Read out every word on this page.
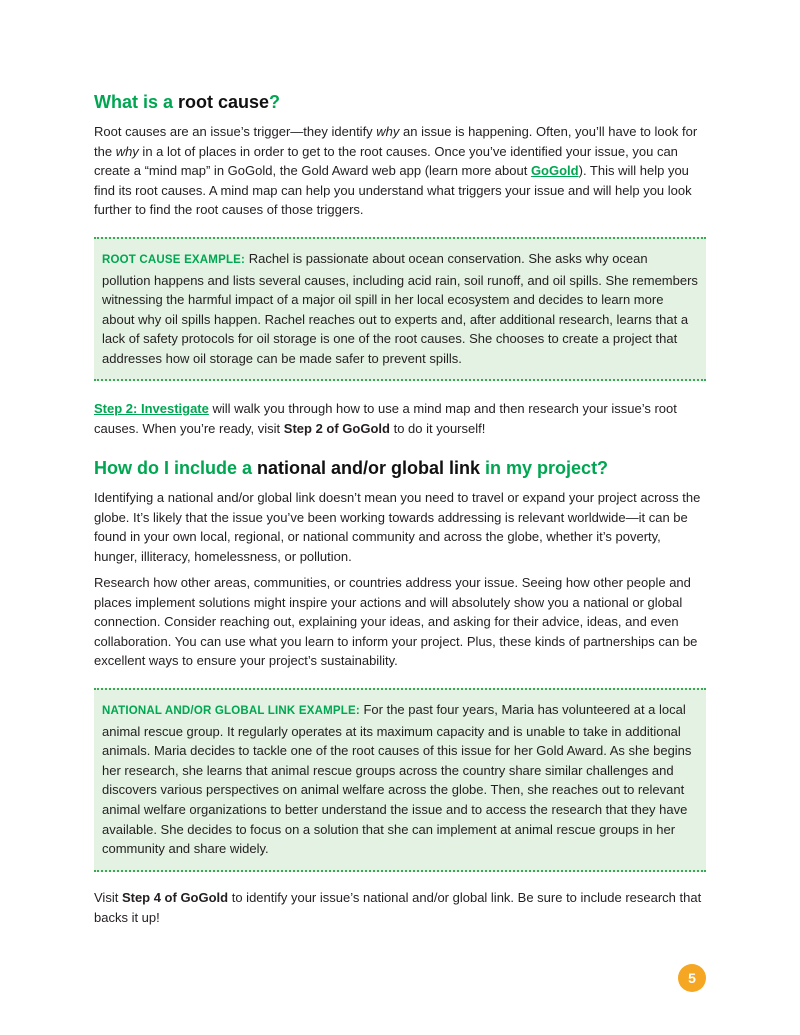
What is a root cause?

Root causes are an issue’s trigger—they identify why an issue is happening. Often, you’ll have to look for the why in a lot of places in order to get to the root causes. Once you’ve identified your issue, you can create a “mind map” in GoGold, the Gold Award web app (learn more about GoGold). This will help you find its root causes. A mind map can help you understand what triggers your issue and will help you look further to find the root causes of those triggers.

ROOT CAUSE EXAMPLE: Rachel is passionate about ocean conservation. She asks why ocean pollution happens and lists several causes, including acid rain, soil runoff, and oil spills. She remembers witnessing the harmful impact of a major oil spill in her local ecosystem and decides to learn more about why oil spills happen. Rachel reaches out to experts and, after additional research, learns that a lack of safety protocols for oil storage is one of the root causes. She chooses to create a project that addresses how oil storage can be made safer to prevent spills.

Step 2: Investigate will walk you through how to use a mind map and then research your issue’s root causes. When you’re ready, visit Step 2 of GoGold to do it yourself!

How do I include a national and/or global link in my project?

Identifying a national and/or global link doesn’t mean you need to travel or expand your project across the globe. It’s likely that the issue you’ve been working towards addressing is relevant worldwide—it can be found in your own local, regional, or national community and across the globe, whether it’s poverty, hunger, illiteracy, homelessness, or pollution.

Research how other areas, communities, or countries address your issue. Seeing how other people and places implement solutions might inspire your actions and will absolutely show you a national or global connection. Consider reaching out, explaining your ideas, and asking for their advice, ideas, and even collaboration. You can use what you learn to inform your project. Plus, these kinds of partnerships can be excellent ways to ensure your project’s sustainability.

NATIONAL AND/OR GLOBAL LINK EXAMPLE: For the past four years, Maria has volunteered at a local animal rescue group. It regularly operates at its maximum capacity and is unable to take in additional animals. Maria decides to tackle one of the root causes of this issue for her Gold Award. As she begins her research, she learns that animal rescue groups across the country share similar challenges and discovers various perspectives on animal welfare across the globe. Then, she reaches out to relevant animal welfare organizations to better understand the issue and to access the research that they have available. She decides to focus on a solution that she can implement at animal rescue groups in her community and share widely.

Visit Step 4 of GoGold to identify your issue’s national and/or global link. Be sure to include research that backs it up!

5
